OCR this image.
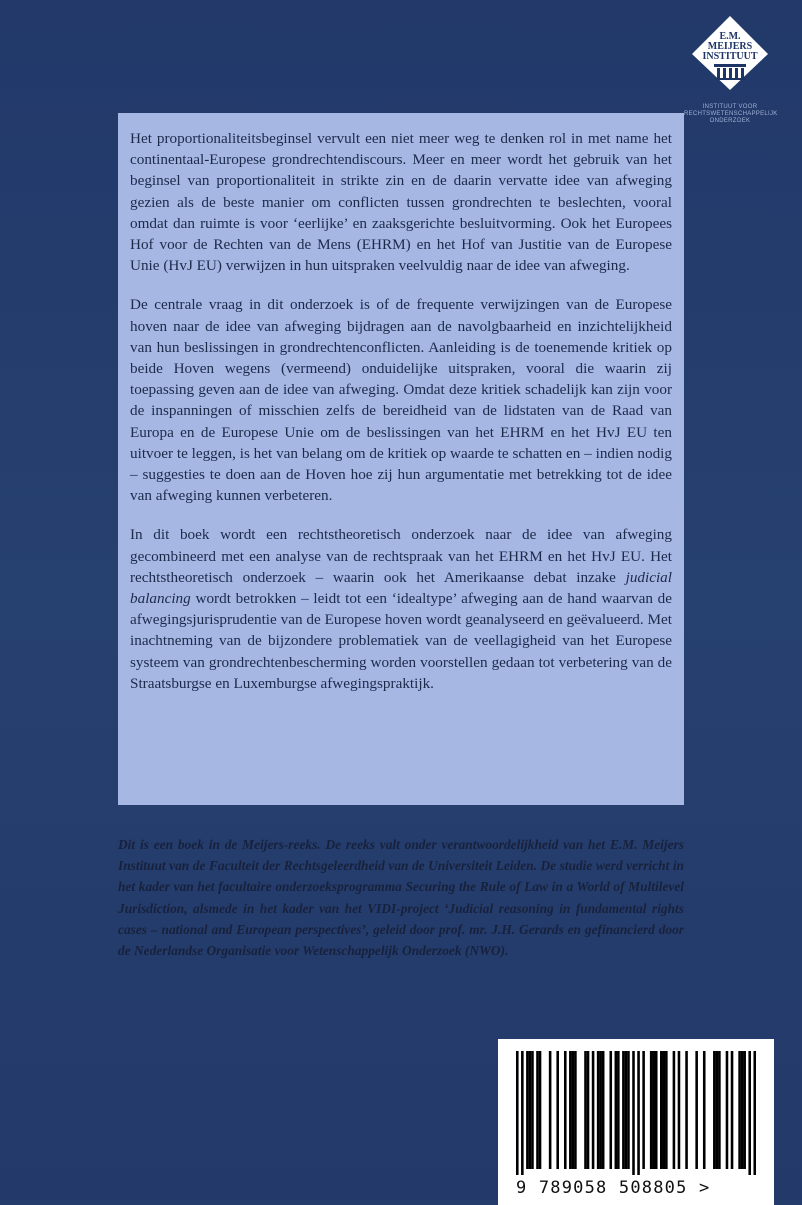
E.M.
MEIJERS
INSTITUUT
INSTITUUT VOOR
RECHTSWETENSCHAPPELIJK
ONDERZOEK

Het proportionaliteitsbeginsel vervult een niet meer weg te denken rol in met name het continentaal-Europese grondrechtendiscours. Meer en meer wordt het gebruik van het beginsel van proportionaliteit in strikte zin en de daarin vervatte idee van afweging gezien als de beste manier om conflicten tussen grondrechten te beslechten, vooral omdat dan ruimte is voor ‘eerlijke’ en zaaksgerichte besluitvorming. Ook het Europees Hof voor de Rechten van de Mens (EHRM) en het Hof van Justitie van de Europese Unie (HvJ EU) verwijzen in hun uitspraken veelvuldig naar de idee van afweging.

De centrale vraag in dit onderzoek is of de frequente verwijzingen van de Europese hoven naar de idee van afweging bijdragen aan de navolgbaarheid en inzichtelijkheid van hun beslissingen in grondrechtenconflicten. Aanleiding is de toenemende kritiek op beide Hoven wegens (vermeend) onduidelijke uitspraken, vooral die waarin zij toepassing geven aan de idee van afweging. Omdat deze kritiek schadelijk kan zijn voor de inspanningen of misschien zelfs de bereidheid van de lidstaten van de Raad van Europa en de Europese Unie om de beslissingen van het EHRM en het HvJ EU ten uitvoer te leggen, is het van belang om de kritiek op waarde te schatten en – indien nodig – suggesties te doen aan de Hoven hoe zij hun argumentatie met betrekking tot de idee van afweging kunnen verbeteren.

In dit boek wordt een rechtstheoretisch onderzoek naar de idee van afweging gecombineerd met een analyse van de rechtspraak van het EHRM en het HvJ EU. Het rechtstheoretisch onderzoek – waarin ook het Amerikaanse debat inzake judicial balancing wordt betrokken – leidt tot een ‘idealtype’ afweging aan de hand waarvan de afwegingsjurisprudentie van de Europese hoven wordt geanalyseerd en geëvalueerd. Met inachtneming van de bijzondere problematiek van de veellagigheid van het Europese systeem van grondrechtenbescherming worden voorstellen gedaan tot verbetering van de Straatsburgse en Luxemburgse afwegingspraktijk.

Dit is een boek in de Meijers-reeks. De reeks valt onder verantwoordelijkheid van het E.M. Meijers Instituut van de Faculteit der Rechtsgeleerdheid van de Universiteit Leiden. De studie werd verricht in het kader van het facultaire onderzoeksprogramma Securing the Rule of Law in a World of Multilevel Jurisdiction, alsmede in het kader van het VIDI-project ‘Judicial reasoning in fundamental rights cases – national and European perspectives’, geleid door prof. mr. J.H. Gerards en gefinancierd door de Nederlandse Organisatie voor Wetenschappelijk Onderzoek (NWO).
9 789058 508805 >
